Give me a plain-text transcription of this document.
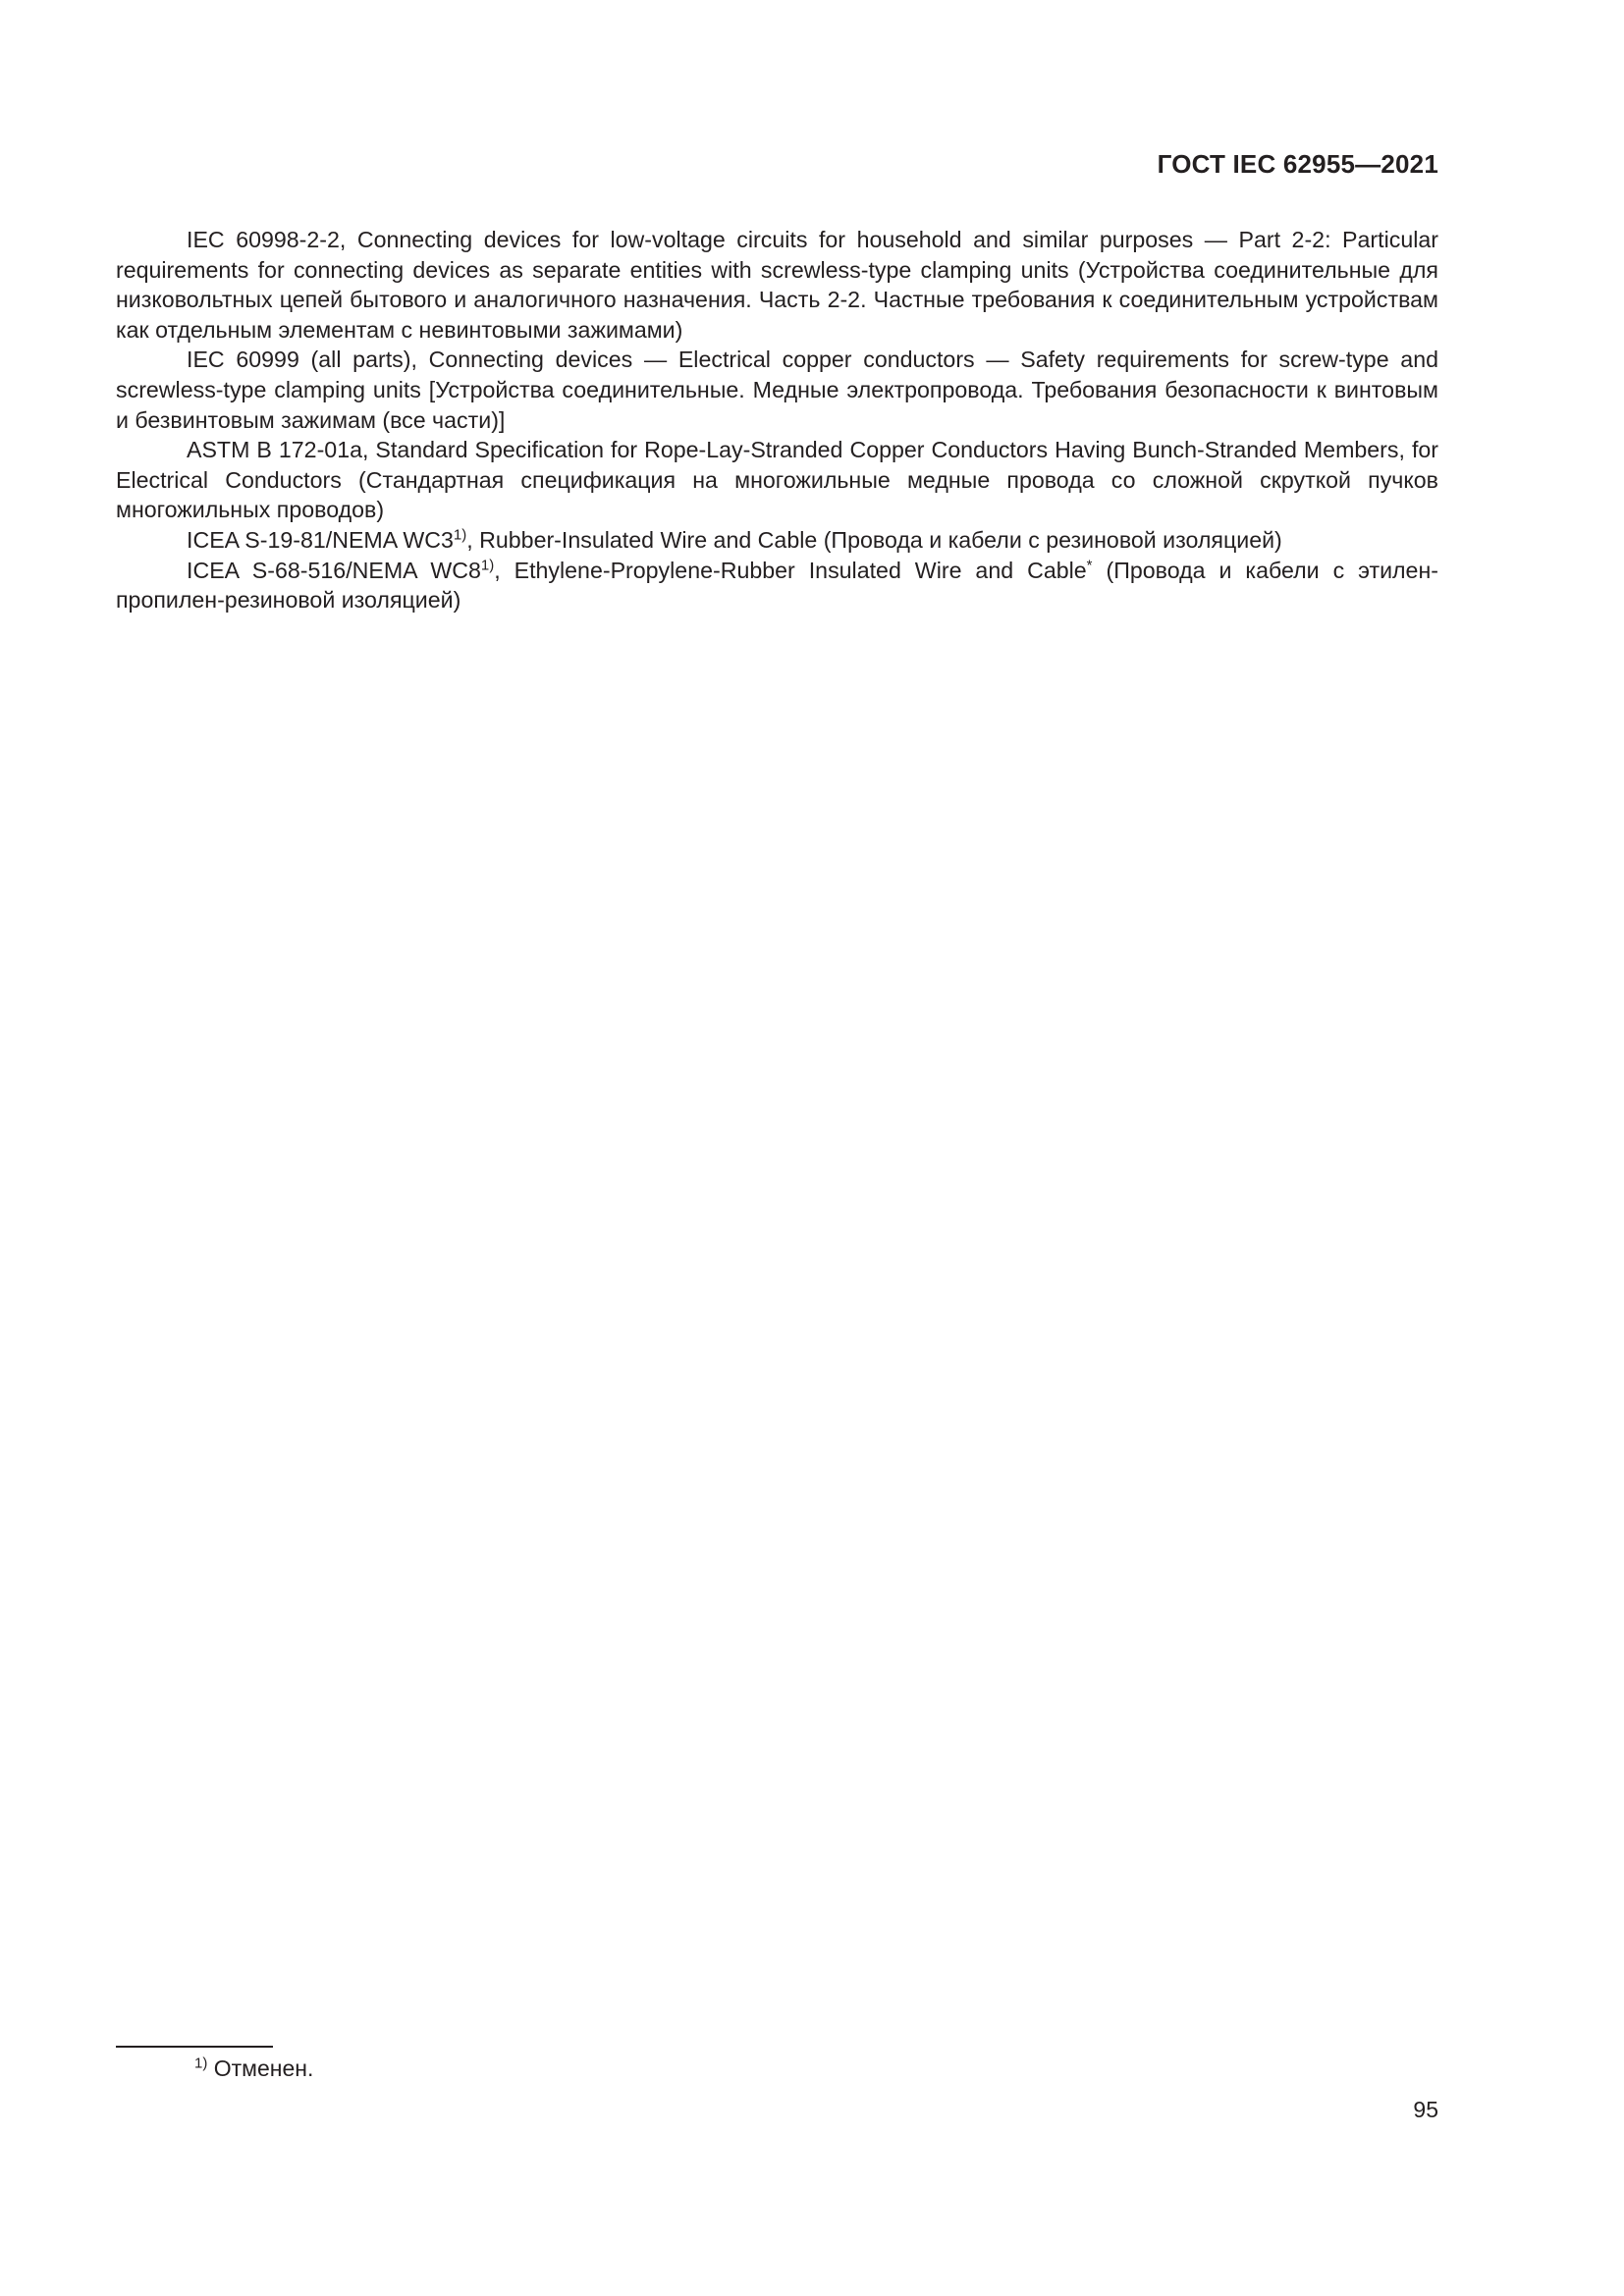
ГОСТ IEC 62955—2021

IEC 60998-2-2, Connecting devices for low-voltage circuits for household and similar purposes — Part 2-2: Particular requirements for connecting devices as separate entities with screwless-type clamping units (Устройства соединительные для низковольтных цепей бытового и аналогичного назначения. Часть 2-2. Частные требования к соединительным устройствам как отдельным элементам с невинтовыми зажимами)

IEC 60999 (all parts), Connecting devices — Electrical copper conductors — Safety requirements for screw-type and screwless-type clamping units [Устройства соединительные. Медные электропровода. Требования безопасности к винтовым и безвинтовым зажимам (все части)]

ASTM B 172-01a, Standard Specification for Rope-Lay-Stranded Copper Conductors Having Bunch-Stranded Members, for Electrical Conductors (Стандартная спецификация на многожильные медные провода со сложной скруткой пучков многожильных проводов)

ICEA S-19-81/NEMA WC3$^{1)}$, Rubber-Insulated Wire and Cable (Провода и кабели с резиновой изоляцией)

ICEA S-68-516/NEMA WC8$^{1)}$, Ethylene-Propylene-Rubber Insulated Wire and Cable* (Провода и кабели с этилен-пропилен-резиновой изоляцией)

$^{1)}$ Отменен.
95
